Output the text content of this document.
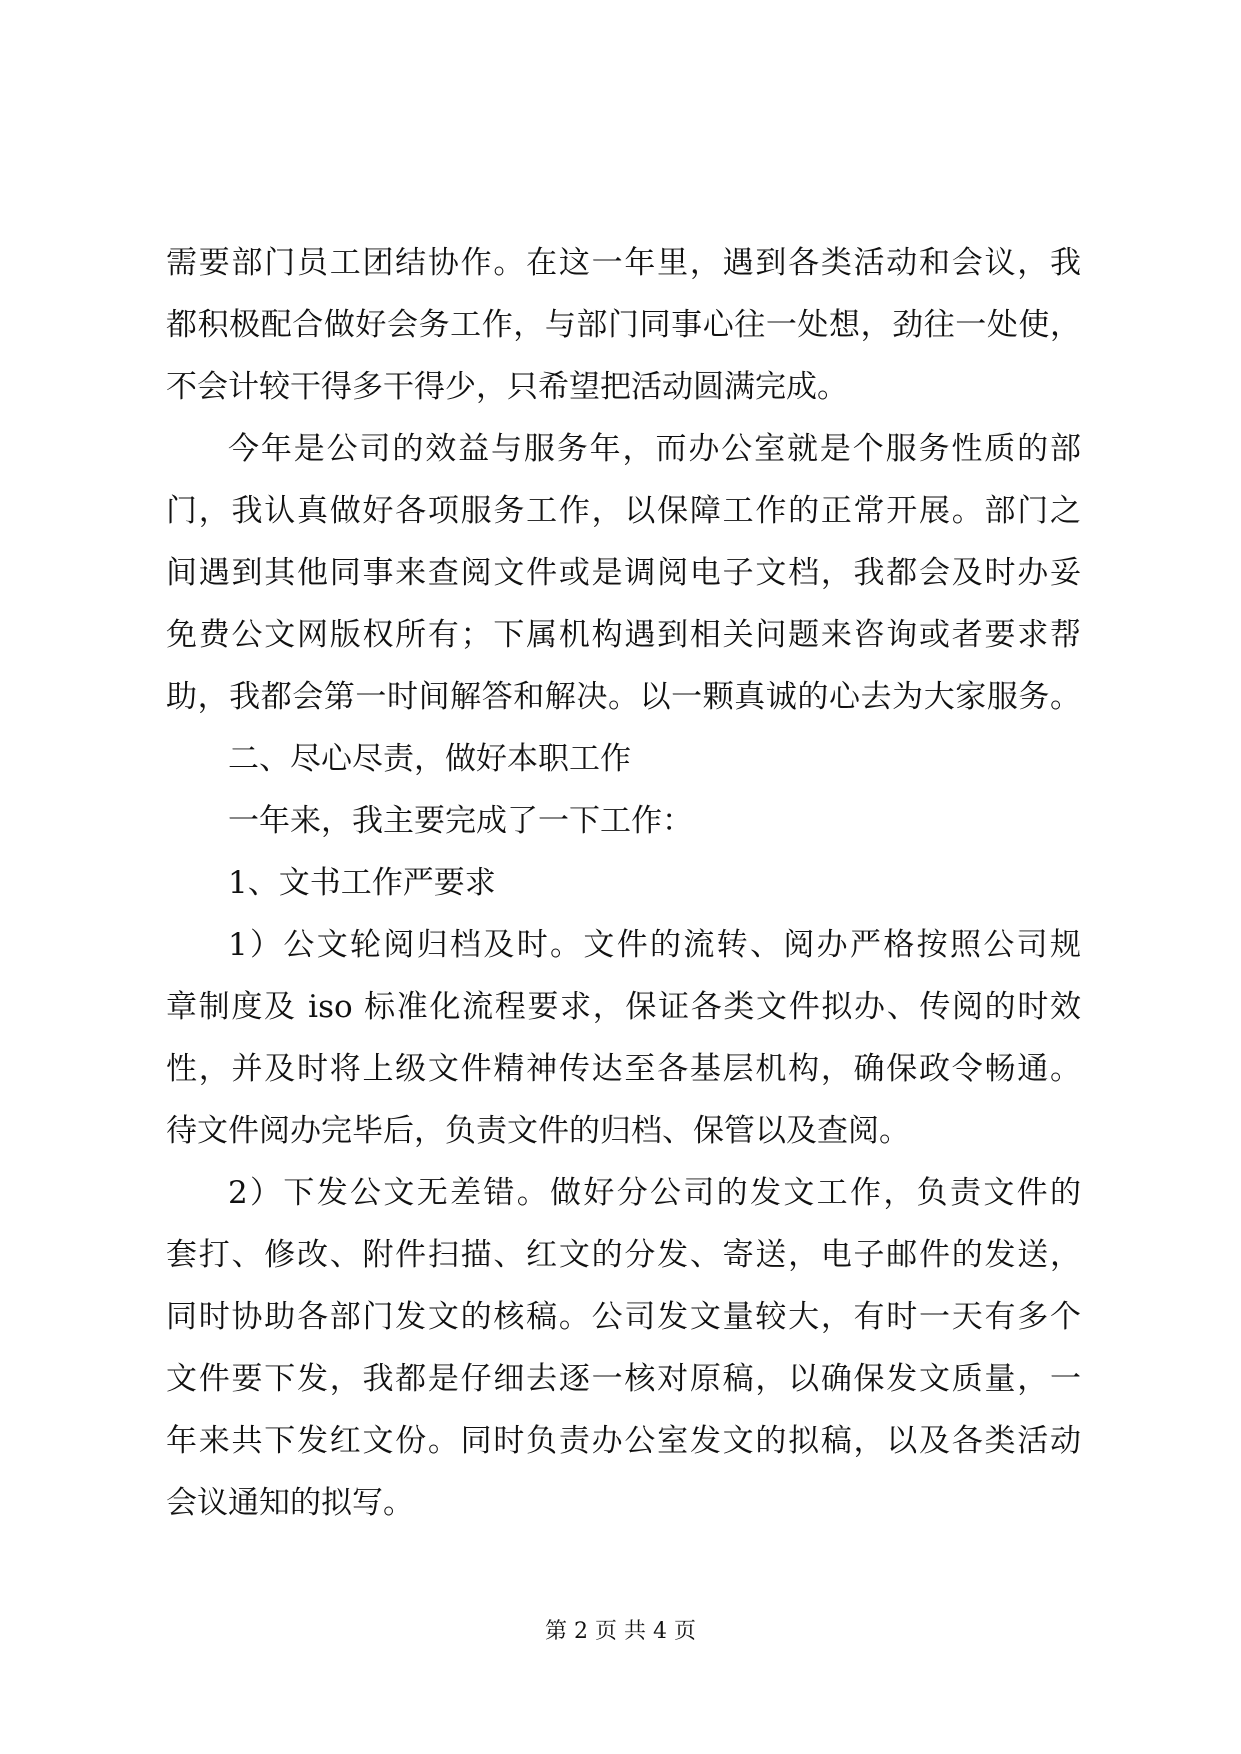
需要部门员工团结协作。在这一年里，遇到各类活动和会议，我
都积极配合做好会务工作，与部门同事心往一处想，劲往一处使，
不会计较干得多干得少，只希望把活动圆满完成。
今年是公司的效益与服务年，而办公室就是个服务性质的部
门，我认真做好各项服务工作，以保障工作的正常开展。部门之
间遇到其他同事来查阅文件或是调阅电子文档，我都会及时办妥
免费公文网版权所有；下属机构遇到相关问题来咨询或者要求帮
助，我都会第一时间解答和解决。以一颗真诚的心去为大家服务。
二、尽心尽责，做好本职工作
一年来，我主要完成了一下工作：
1、文书工作严要求
1）公文轮阅归档及时。文件的流转、阅办严格按照公司规
章制度及 iso 标准化流程要求，保证各类文件拟办、传阅的时效
性，并及时将上级文件精神传达至各基层机构，确保政令畅通。
待文件阅办完毕后，负责文件的归档、保管以及查阅。
2）下发公文无差错。做好分公司的发文工作，负责文件的
套打、修改、附件扫描、红文的分发、寄送，电子邮件的发送，
同时协助各部门发文的核稿。公司发文量较大，有时一天有多个
文件要下发，我都是仔细去逐一核对原稿，以确保发文质量，一
年来共下发红文份。同时负责办公室发文的拟稿，以及各类活动
会议通知的拟写。
第 2 页 共 4 页
